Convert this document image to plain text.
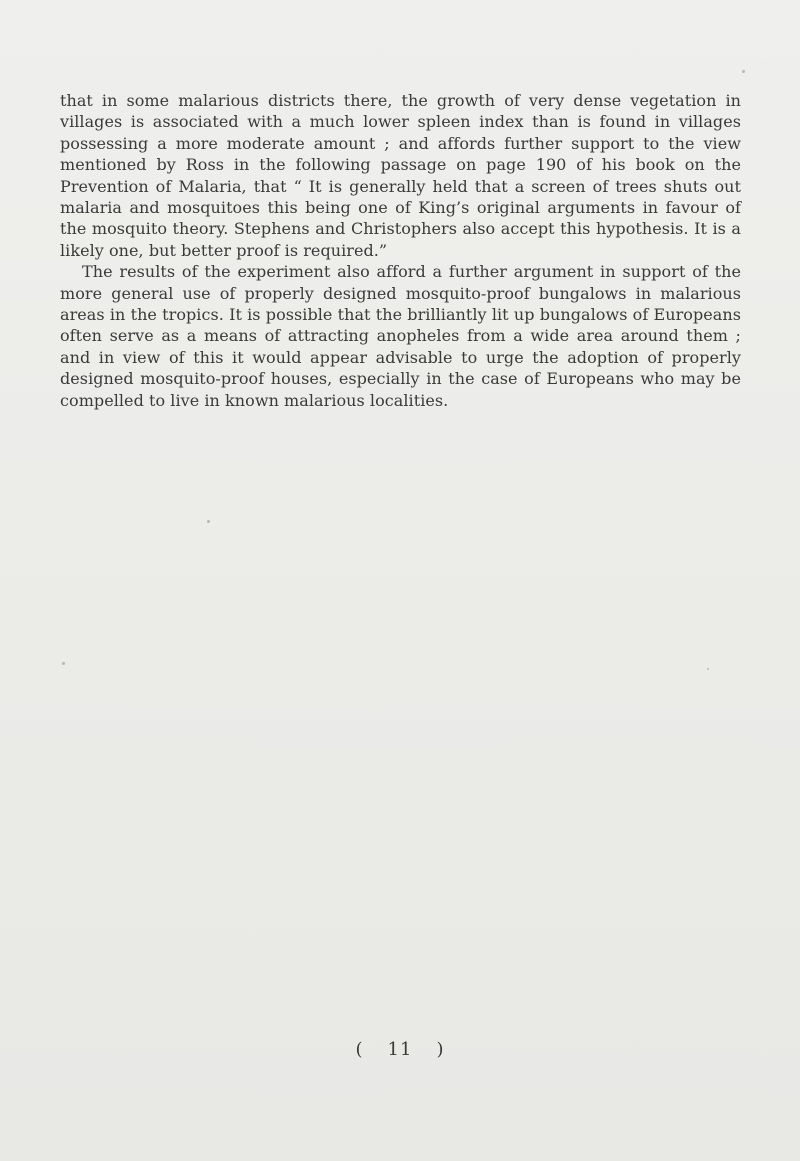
that in some malarious districts there, the growth of very dense vegetation in villages is associated with a much lower spleen index than is found in villages possessing a more moderate amount ; and affords further support to the view mentioned by Ross in the following passage on page 190 of his book on the Prevention of Malaria, that “ It is generally held that a screen of trees shuts out malaria and mosquitoes this being one of King’s original arguments in favour of the mosquito theory. Stephens and Christophers also accept this hypothesis. It is a likely one, but better proof is required.”

The results of the experiment also afford a further argument in support of the more general use of properly designed mosquito-proof bungalows in malarious areas in the tropics. It is possible that the brilliantly lit up bungalows of Europeans often serve as a means of attracting anopheles from a wide area around them ; and in view of this it would appear advisable to urge the adoption of properly designed mosquito-proof houses, especially in the case of Europeans who may be compelled to live in known malarious localities.

( 11 )
